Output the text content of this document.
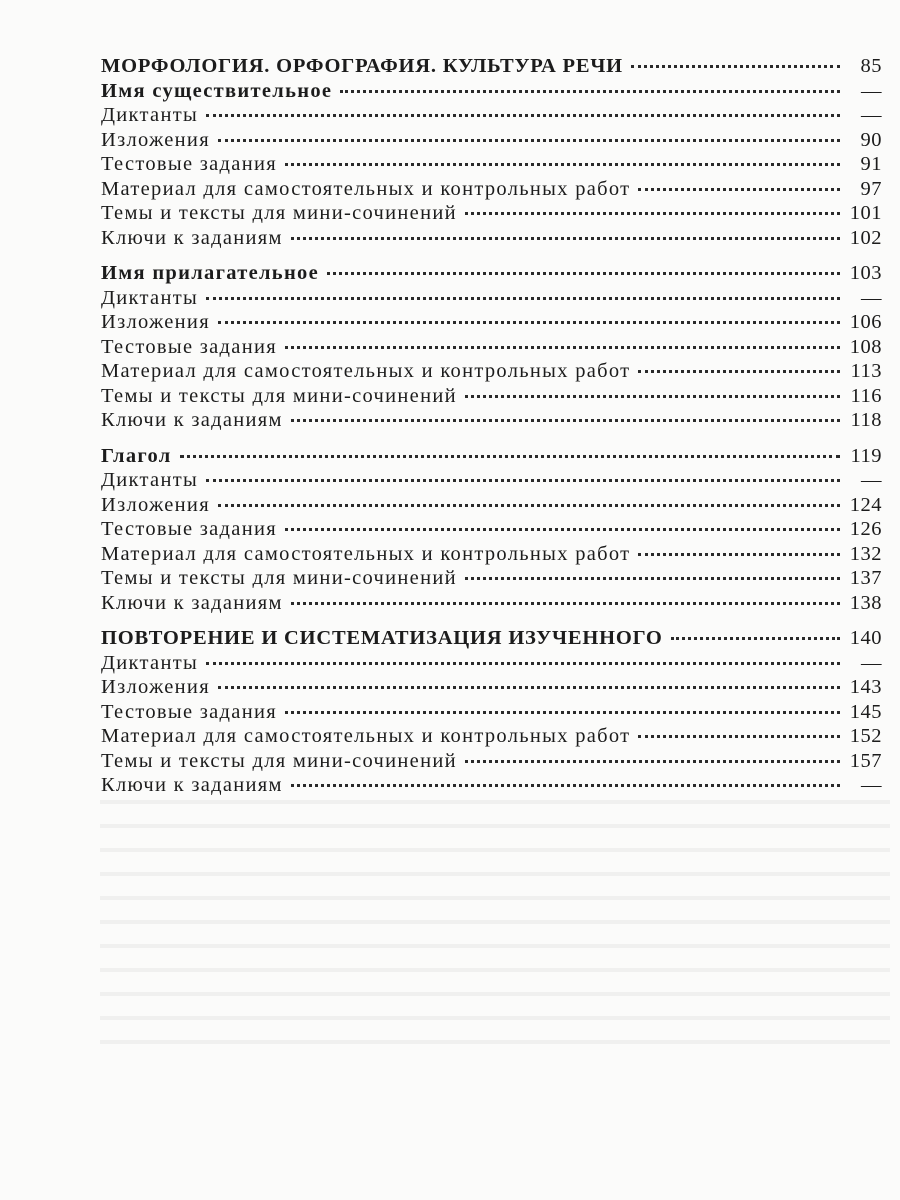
МОРФОЛОГИЯ. ОРФОГРАФИЯ. КУЛЬТУРА РЕЧИ	85
Имя существительное	—
Диктанты	—
Изложения	90
Тестовые задания	91
Материал для самостоятельных и контрольных работ	97
Темы и тексты для мини-сочинений	101
Ключи к заданиям	102
Имя прилагательное	103
Диктанты	—
Изложения	106
Тестовые задания	108
Материал для самостоятельных и контрольных работ	113
Темы и тексты для мини-сочинений	116
Ключи к заданиям	118
Глагол	119
Диктанты	—
Изложения	124
Тестовые задания	126
Материал для самостоятельных и контрольных работ	132
Темы и тексты для мини-сочинений	137
Ключи к заданиям	138
ПОВТОРЕНИЕ И СИСТЕМАТИЗАЦИЯ ИЗУЧЕННОГО	140
Диктанты	—
Изложения	143
Тестовые задания	145
Материал для самостоятельных и контрольных работ	152
Темы и тексты для мини-сочинений	157
Ключи к заданиям	—
